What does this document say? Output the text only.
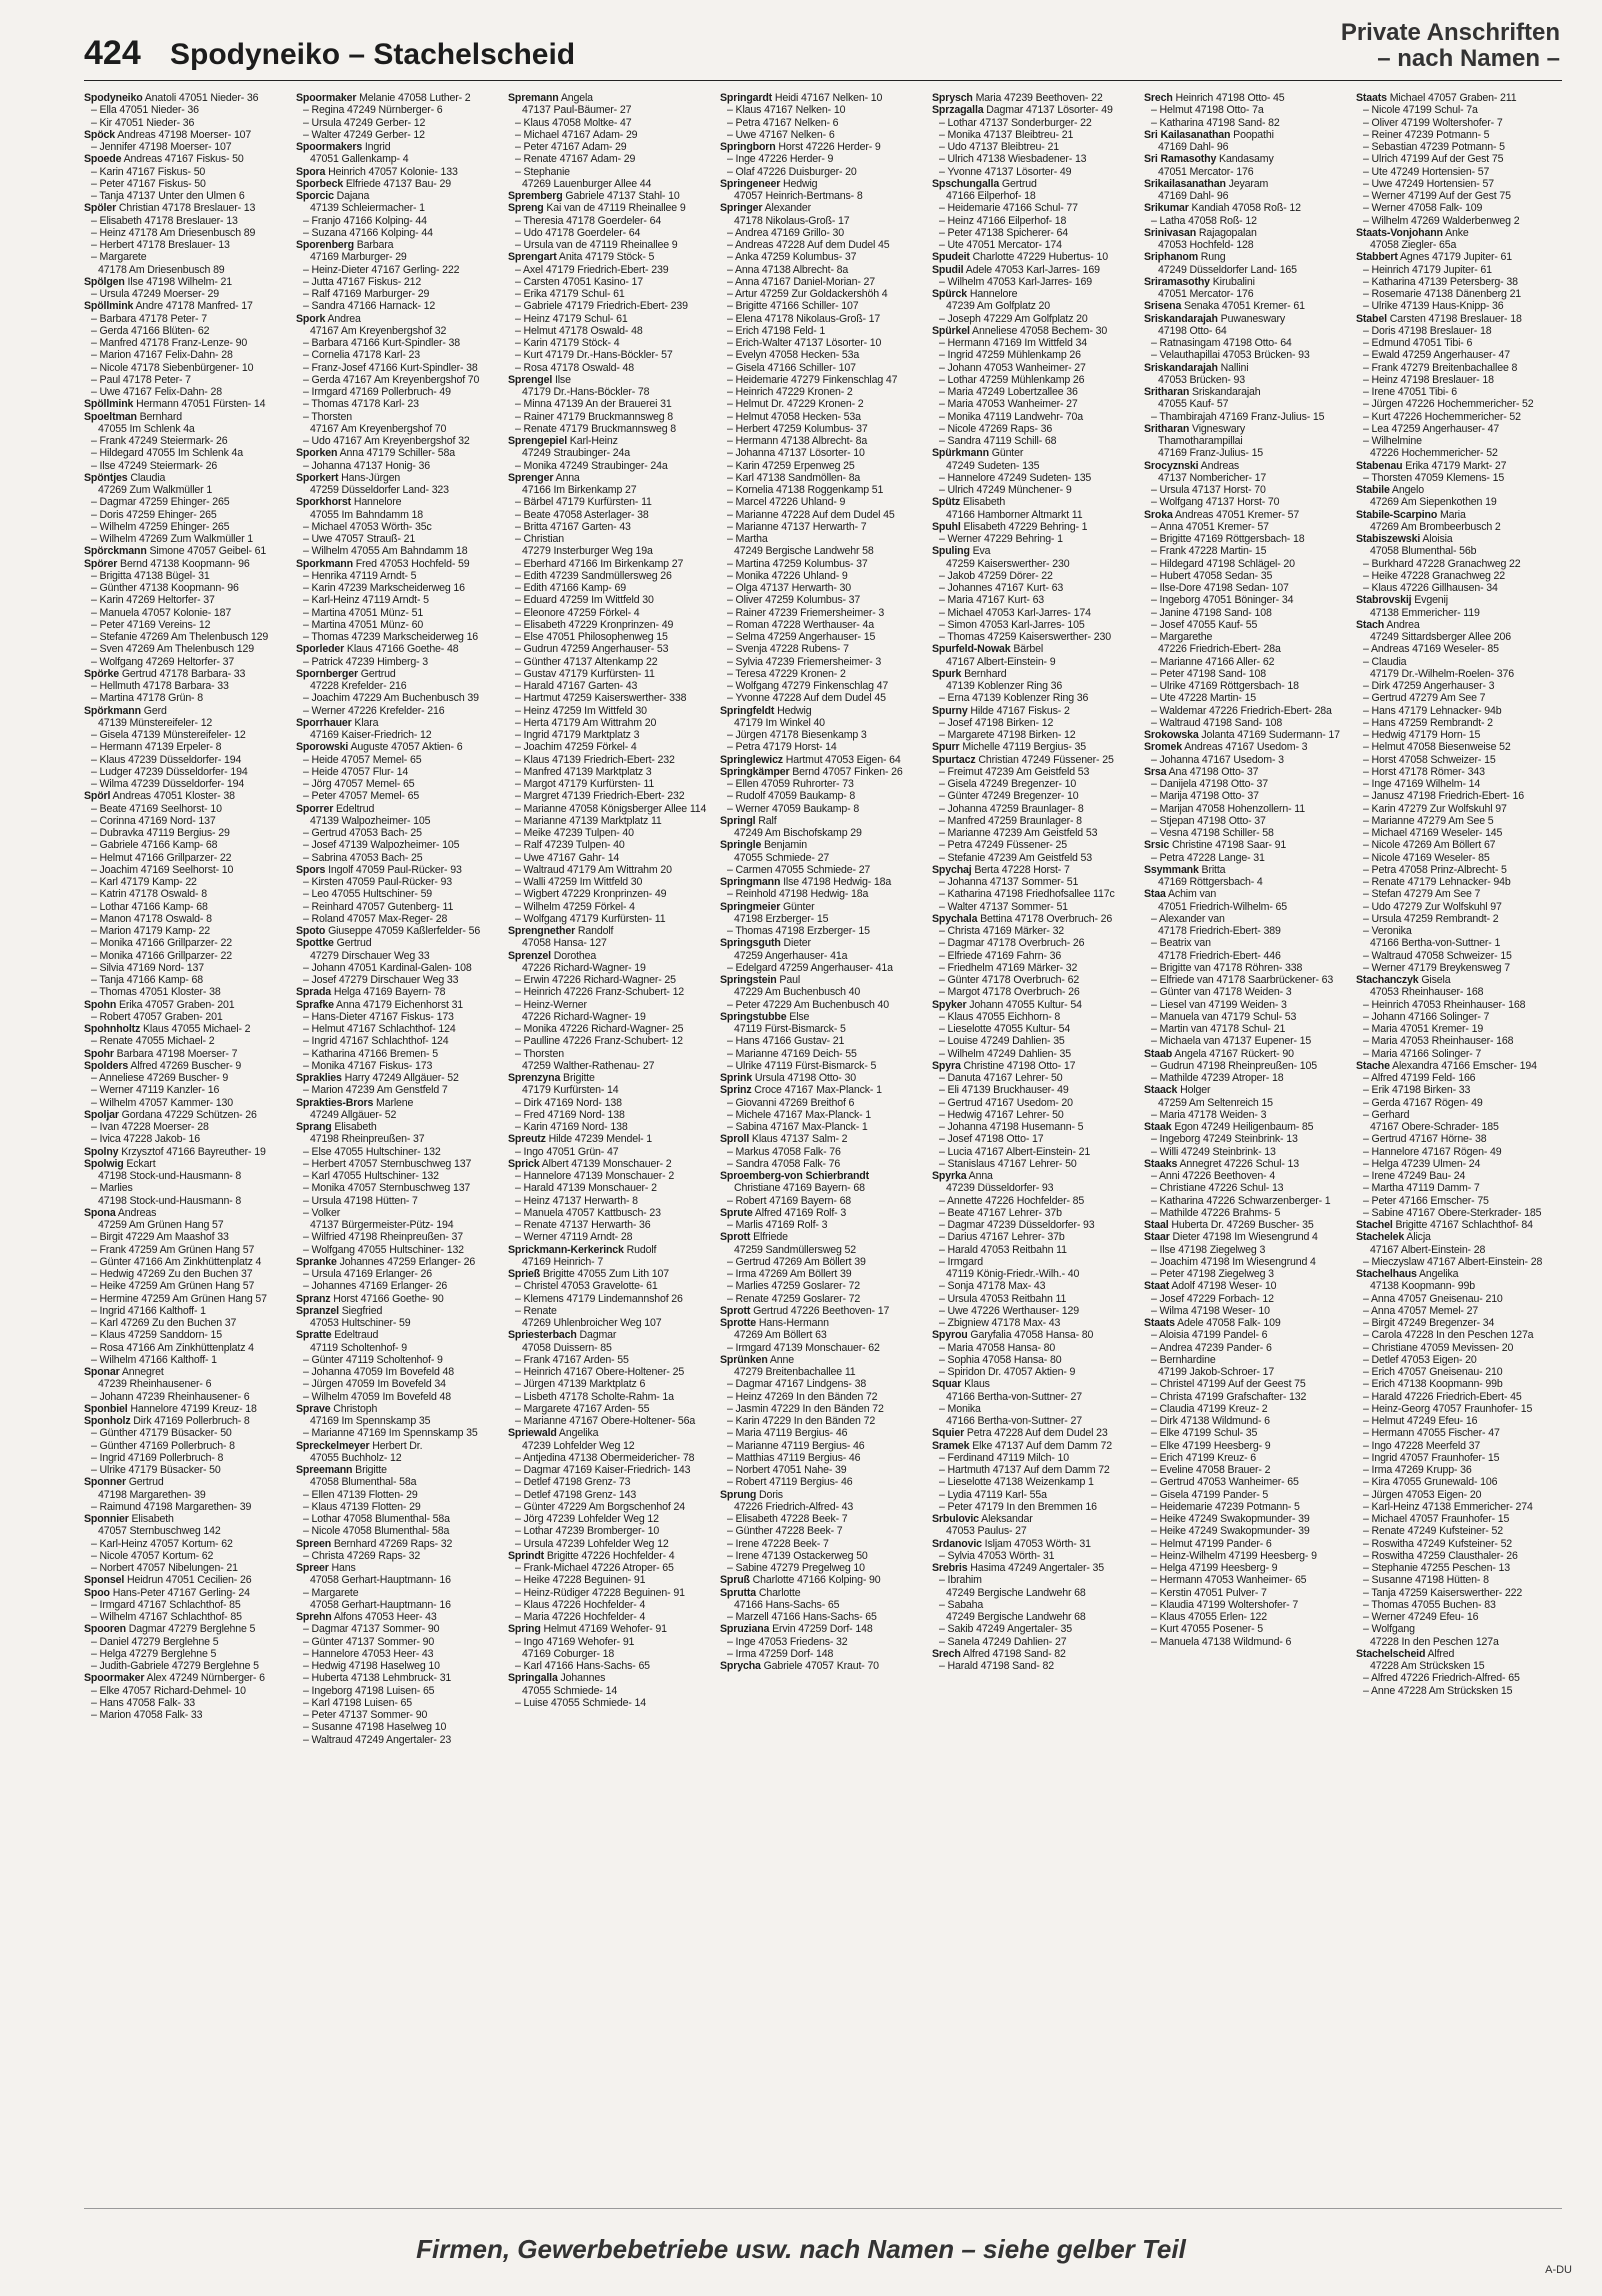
424 Spodyneiko – Stachelscheid
Private Anschriften
– nach Namen –
Spodyneiko Anatoli 47051 Nieder- 36
– Ella 47051 Nieder- 36
– Kir 47051 Nieder- 36
Spöck Andreas 47198 Moerser- 107
– Jennifer 47198 Moerser- 107
Spoede Andreas 47167 Fiskus- 50
– Karin 47167 Fiskus- 50
– Peter 47167 Fiskus- 50
– Tanja 47137 Unter den Ulmen 6
Spöler Christian 47178 Breslauer- 13
– Elisabeth 47178 Breslauer- 13
– Heinz 47178 Am Driesenbusch 89
– Herbert 47178 Breslauer- 13
– Margarete
47178 Am Driesenbusch 89
Spölgen Ilse 47198 Wilhelm- 21
– Ursula 47249 Moerser- 29
Spöllmink Andre 47178 Manfred- 17
– Barbara 47178 Peter- 7
– Gerda 47166 Blüten- 62
– Manfred 47178 Franz-Lenze- 90
– Marion 47167 Felix-Dahn- 28
– Nicole 47178 Siebenbürgener- 10
– Paul 47178 Peter- 7
– Uwe 47167 Felix-Dahn- 28
Spöllmink Hermann 47051 Fürsten- 14
Spoeltman Bernhard
47055 Im Schlenk 4a
– Frank 47249 Steiermark- 26
– Hildegard 47055 Im Schlenk 4a
– Ilse 47249 Steiermark- 26
Spöntjes Claudia
47269 Zum Walkmüller 1
– Dagmar 47259 Ehinger- 265
– Doris 47259 Ehinger- 265
– Wilhelm 47259 Ehinger- 265
– Wilhelm 47269 Zum Walkmüller 1
Spörckmann Simone 47057 Geibel- 61
Spörer Bernd 47138 Koopmann- 96
– Brigitta 47138 Bügel- 31
– Günther 47138 Koopmann- 96
– Karin 47269 Heltorfer- 37
– Manuela 47057 Kolonie- 187
– Peter 47169 Vereins- 12
– Stefanie 47269 Am Thelenbusch 129
– Sven 47269 Am Thelenbusch 129
– Wolfgang 47269 Heltorfer- 37
Spörke Gertrud 47178 Barbara- 33
– Hellmuth 47178 Barbara- 33
– Martina 47178 Grün- 8
Spörkmann Gerd
47139 Münstereifeler- 12
– Gisela 47139 Münstereifeler- 12
– Hermann 47139 Erpeler- 8
– Klaus 47239 Düsseldorfer- 194
– Ludger 47239 Düsseldorfer- 194
– Wilma 47239 Düsseldorfer- 194
Spörl Andreas 47051 Kloster- 38
– Beate 47169 Seelhorst- 10
– Corinna 47169 Nord- 137
– Dubravka 47119 Bergius- 29
– Gabriele 47166 Kamp- 68
– Helmut 47166 Grillparzer- 22
– Joachim 47169 Seelhorst- 10
– Karl 47179 Kamp- 22
– Katrin 47178 Oswald- 8
– Lothar 47166 Kamp- 68
– Manon 47178 Oswald- 8
– Marion 47179 Kamp- 22
– Monika 47166 Grillparzer- 22
– Monika 47166 Grillparzer- 22
– Silvia 47169 Nord- 137
– Tanja 47166 Kamp- 68
– Thomas 47051 Kloster- 38
Spohn Erika 47057 Graben- 201
– Robert 47057 Graben- 201
Spohnholtz Klaus 47055 Michael- 2
– Renate 47055 Michael- 2
Spohr Barbara 47198 Moerser- 7
Spolders Alfred 47269 Buscher- 9
– Anneliese 47269 Buscher- 9
– Werner 47119 Kanzler- 16
– Wilhelm 47057 Kammer- 130
Spoljar Gordana 47229 Schützen- 26
– Ivan 47228 Moerser- 28
– Ivica 47228 Jakob- 16
Spolny Krzysztof 47166 Bayreuther- 19
Spolwig Eckart
47198 Stock-und-Hausmann- 8
– Marlies
47198 Stock-und-Hausmann- 8
Spona Andreas
47259 Am Grünen Hang 57
– Birgit 47229 Am Maashof 33
– Frank 47259 Am Grünen Hang 57
– Günter 47166 Am Zinkhüttenplatz 4
– Hedwig 47269 Zu den Buchen 37
– Heike 47259 Am Grünen Hang 57
– Hermine 47259 Am Grünen Hang 57
– Ingrid 47166 Kalthoff- 1
– Karl 47269 Zu den Buchen 37
– Klaus 47259 Sanddorn- 15
– Rosa 47166 Am Zinkhüttenplatz 4
– Wilhelm 47166 Kalthoff- 1
Sponar Annegret
47239 Rheinhausener- 6
– Johann 47239 Rheinhausener- 6
Sponbiel Hannelore 47199 Kreuz- 18
Sponholz Dirk 47169 Pollerbruch- 8
– Günther 47179 Büsacker- 50
– Günther 47169 Pollerbruch- 8
– Ingrid 47169 Pollerbruch- 8
– Ulrike 47179 Büsacker- 50
Sponner Gertrud
47198 Margarethen- 39
– Raimund 47198 Margarethen- 39
Sponnier Elisabeth
47057 Sternbuschweg 142
– Karl-Heinz 47057 Kortum- 62
– Nicole 47057 Kortum- 62
– Norbert 47057 Nibelungen- 21
Sponsel Heidrun 47051 Cecilien- 26
Spoo Hans-Peter 47167 Gerling- 24
– Irmgard 47167 Schlachthof- 85
– Wilhelm 47167 Schlachthof- 85
Spooren Dagmar 47279 Berglehne 5
– Daniel 47279 Berglehne 5
– Helga 47279 Berglehne 5
– Judith-Gabriele 47279 Berglehne 5
Spoormaker Alex 47249 Nürnberger- 6
– Elke 47057 Richard-Dehmel- 10
– Hans 47058 Falk- 33
– Marion 47058 Falk- 33
Spoormaker Melanie 47058 Luther- 2
– Regina 47249 Nürnberger- 6
– Ursula 47249 Gerber- 12
– Walter 47249 Gerber- 12
Spoormakers Ingrid
47051 Gallenkamp- 4
Spora Heinrich 47057 Kolonie- 133
Sporbeck Elfriede 47137 Bau- 29
Sporcic Dajana
47139 Schleiermacher- 1
– Franjo 47166 Kolping- 44
– Suzana 47166 Kolping- 44
Sporenberg Barbara
47169 Marburger- 29
– Heinz-Dieter 47167 Gerling- 222
– Jutta 47167 Fiskus- 212
– Ralf 47169 Marburger- 29
– Sandra 47166 Harnack- 12
Spork Andrea
47167 Am Kreyenbergshof 32
– Barbara 47166 Kurt-Spindler- 38
– Cornelia 47178 Karl- 23
– Franz-Josef 47166 Kurt-Spindler- 38
– Gerda 47167 Am Kreyenbergshof 70
– Irmgard 47169 Pollerbruch- 49
– Thomas 47178 Karl- 23
– Thorsten
47167 Am Kreyenbergshof 70
– Udo 47167 Am Kreyenbergshof 32
Sporken Anna 47179 Schiller- 58a
– Johanna 47137 Honig- 36
Sporkert Hans-Jürgen
47259 Düsseldorfer Land- 323
Sporkhorst Hannelore
47055 Im Bahndamm 18
– Michael 47053 Wörth- 35c
– Uwe 47057 Strauß- 21
– Wilhelm 47055 Am Bahndamm 18
Sporkmann Fred 47053 Hochfeld- 59
– Henrika 47119 Arndt- 5
– Karin 47239 Markscheiderweg 16
– Karl-Heinz 47119 Arndt- 5
– Martina 47051 Münz- 51
– Martina 47051 Münz- 60
– Thomas 47239 Markscheiderweg 16
Sporleder Klaus 47166 Goethe- 48
– Patrick 47239 Himberg- 3
Spornberger Gertrud
47228 Krefelder- 216
– Joachim 47229 Am Buchenbusch 39
– Werner 47226 Krefelder- 216
Sporrhauer Klara
47169 Kaiser-Friedrich- 12
Sporowski Auguste 47057 Aktien- 6
– Heide 47057 Memel- 65
– Heide 47057 Flur- 14
– Jörg 47057 Memel- 65
– Peter 47057 Memel- 65
Sporrer Edeltrud
47139 Walpozheimer- 105
– Gertrud 47053 Bach- 25
– Josef 47139 Walpozheimer- 105
– Sabrina 47053 Bach- 25
Spors Ingolf 47059 Paul-Rücker- 93
– Kirsten 47059 Paul-Rücker- 93
– Leo 47055 Hultschiner- 59
– Reinhard 47057 Gutenberg- 11
– Roland 47057 Max-Reger- 28
Spoto Giuseppe 47059 Kaßlerfelder- 56
Spottke Gertrud
47279 Dirschauer Weg 33
– Johann 47051 Kardinal-Galen- 108
– Josef 47279 Dirschauer Weg 33
Sprada Helga 47169 Bayern- 78
Sprafke Anna 47179 Eichenhorst 31
– Hans-Dieter 47167 Fiskus- 173
– Helmut 47167 Schlachthof- 124
– Ingrid 47167 Schlachthof- 124
– Katharina 47166 Bremen- 5
– Monika 47167 Fiskus- 173
Spraklies Harry 47249 Allgäuer- 52
– Marion 47239 Am Genstfeld 7
Sprakties-Brors Marlene
47249 Allgäuer- 52
Sprang Elisabeth
47198 Rheinpreußen- 37
– Else 47055 Hultschiner- 132
– Herbert 47057 Sternbuschweg 137
– Karl 47055 Hultschiner- 132
– Monika 47057 Sternbuschweg 137
– Ursula 47198 Hütten- 7
– Volker
47137 Bürgermeister-Pütz- 194
– Wilfried 47198 Rheinpreußen- 37
– Wolfgang 47055 Hultschiner- 132
Spranke Johannes 47259 Erlanger- 26
– Ursula 47169 Erlanger- 26
– Johannes 47169 Erlanger- 26
Spranz Horst 47166 Goethe- 90
Spranzel Siegfried
47053 Hultschiner- 59
Spratte Edeltraud
47119 Scholtenhof- 9
– Günter 47119 Scholtenhof- 9
– Johanna 47059 Im Bovefeld 48
– Jürgen 47059 Im Bovefeld 34
– Wilhelm 47059 Im Bovefeld 48
Sprave Christoph
47169 Im Spennskamp 35
– Marianne 47169 Im Spennskamp 35
Spreckelmeyer Herbert Dr.
47055 Buchholz- 12
Spreemann Brigitte
47058 Blumenthal- 58a
– Ellen 47139 Flotten- 29
– Klaus 47139 Flotten- 29
– Lothar 47058 Blumenthal- 58a
– Nicole 47058 Blumenthal- 58a
Spreen Bernhard 47269 Raps- 32
– Christa 47269 Raps- 32
Spreer Hans
47058 Gerhart-Hauptmann- 16
– Margarete
47058 Gerhart-Hauptmann- 16
Sprehn Alfons 47053 Heer- 43
– Dagmar 47137 Sommer- 90
– Günter 47137 Sommer- 90
– Hannelore 47053 Heer- 43
– Hedwig 47198 Haselweg 10
– Huberta 47138 Lehmbruck- 31
– Ingeborg 47198 Luisen- 65
– Karl 47198 Luisen- 65
– Peter 47137 Sommer- 90
– Susanne 47198 Haselweg 10
– Waltraud 47249 Angertaler- 23
Spremann Angela
47137 Paul-Bäumer- 27
– Klaus 47058 Moltke- 47
– Michael 47167 Adam- 29
– Peter 47167 Adam- 29
– Renate 47167 Adam- 29
– Stephanie
47269 Lauenburger Allee 44
Spremberg Gabriele 47137 Stahl- 10
Spreng Kai van de 47119 Rheinallee 9
– Theresia 47178 Goerdeler- 64
– Udo 47178 Goerdeler- 64
– Ursula van de 47119 Rheinallee 9
Sprengart Anita 47179 Stöck- 5
– Axel 47179 Friedrich-Ebert- 239
– Carsten 47051 Kasino- 17
– Erika 47179 Schul- 61
– Gabriele 47179 Friedrich-Ebert- 239
– Heinz 47179 Schul- 61
– Helmut 47178 Oswald- 48
– Karin 47179 Stöck- 4
– Kurt 47179 Dr.-Hans-Böckler- 57
– Rosa 47178 Oswald- 48
Sprengel Ilse
47179 Dr.-Hans-Böckler- 78
– Minna 47139 An der Brauerei 31
– Rainer 47179 Bruckmannsweg 8
– Renate 47179 Bruckmannsweg 8
Sprengepiel Karl-Heinz
47249 Straubinger- 24a
– Monika 47249 Straubinger- 24a
Sprenger Anna
47166 Im Birkenkamp 27
– Bärbel 47179 Kurfürsten- 11
– Beate 47058 Asterlager- 38
– Britta 47167 Garten- 43
– Christian
47279 Insterburger Weg 19a
– Eberhard 47166 Im Birkenkamp 27
– Edith 47239 Sandmüllersweg 26
– Edith 47166 Kamp- 69
– Eduard 47259 Im Wittfeld 30
– Eleonore 47259 Förkel- 4
– Elisabeth 47229 Kronprinzen- 49
– Else 47051 Philosophenweg 15
– Gudrun 47259 Angerhauser- 53
– Günther 47137 Altenkamp 22
– Gustav 47179 Kurfürsten- 11
– Harald 47167 Garten- 43
– Hartmut 47259 Kaiserswerther- 338
– Heinz 47259 Im Wittfeld 30
– Herta 47179 Am Wittrahm 20
– Ingrid 47179 Marktplatz 3
– Joachim 47259 Förkel- 4
– Klaus 47139 Friedrich-Ebert- 232
– Manfred 47139 Marktplatz 3
– Margot 47179 Kurfürsten- 11
– Margret 47139 Friedrich-Ebert- 232
– Marianne 47058 Königsberger Allee 114
– Marianne 47139 Marktplatz 11
– Meike 47239 Tulpen- 40
– Ralf 47239 Tulpen- 40
– Uwe 47167 Gahr- 14
– Waltraud 47179 Am Wittrahm 20
– Walli 47259 Im Wittfeld 30
– Wigbert 47229 Kronprinzen- 49
– Wilhelm 47259 Förkel- 4
– Wolfgang 47179 Kurfürsten- 11
Sprengnether Randolf
47058 Hansa- 127
Sprenzel Dorothea
47226 Richard-Wagner- 19
– Erwin 47226 Richard-Wagner- 25
– Heinrich 47226 Franz-Schubert- 12
– Heinz-Werner
47226 Richard-Wagner- 19
– Monika 47226 Richard-Wagner- 25
– Paulline 47226 Franz-Schubert- 12
– Thorsten
47259 Walther-Rathenau- 27
Sprenzyna Brigitte
47179 Kurfürsten- 14
– Dirk 47169 Nord- 138
– Fred 47169 Nord- 138
– Karin 47169 Nord- 138
Spreutz Hilde 47239 Mendel- 1
– Ingo 47051 Grün- 47
Sprick Albert 47139 Monschauer- 2
– Hannelore 47139 Monschauer- 2
– Harald 47139 Monschauer- 2
– Heinz 47137 Herwarth- 8
– Manuela 47057 Kattbusch- 23
– Renate 47137 Herwarth- 36
– Werner 47119 Arndt- 28
Sprickmann-Kerkerinck Rudolf
47169 Heinrich- 7
Sprieß Brigitte 47055 Zum Lith 107
– Christel 47053 Gravelotte- 61
– Klemens 47179 Lindemannshof 26
– Renate
47269 Uhlenbroicher Weg 107
Spriesterbach Dagmar
47058 Duissern- 85
– Frank 47167 Arden- 55
– Heinrich 47167 Obere-Holtener- 25
– Jürgen 47139 Marktplatz 6
– Lisbeth 47178 Scholte-Rahm- 1a
– Margarete 47167 Arden- 55
– Marianne 47167 Obere-Holtener- 56a
Spriewald Angelika
47239 Lohfelder Weg 12
– Antjedina 47138 Obermeidericher- 78
– Dagmar 47169 Kaiser-Friedrich- 143
– Detlef 47198 Grenz- 73
– Detlef 47198 Grenz- 143
– Günter 47229 Am Borgschenhof 24
– Jörg 47239 Lohfelder Weg 12
– Lothar 47239 Bromberger- 10
– Ursula 47239 Lohfelder Weg 12
Sprindt Brigitte 47226 Hochfelder- 4
– Frank-Michael 47226 Atroper- 65
– Heike 47228 Beguinen- 91
– Heinz-Rüdiger 47228 Beguinen- 91
– Klaus 47226 Hochfelder- 4
– Maria 47226 Hochfelder- 4
Spring Helmut 47169 Wehofer- 91
– Ingo 47169 Wehofer- 91
47169 Coburger- 18
– Karl 47166 Hans-Sachs- 65
Springalla Johannes
47055 Schmiede- 14
– Luise 47055 Schmiede- 14
Springardt Heidi 47167 Nelken- 10
– Klaus 47167 Nelken- 10
– Petra 47167 Nelken- 6
– Uwe 47167 Nelken- 6
Springborn Horst 47226 Herder- 9
– Inge 47226 Herder- 9
– Olaf 47226 Duisburger- 20
Springeneer Hedwig
47057 Heinrich-Bertmans- 8
Springer Alexander
47178 Nikolaus-Groß- 17
– Andrea 47169 Grillo- 30
– Andreas 47228 Auf dem Dudel 45
– Anka 47259 Kolumbus- 37
– Anna 47138 Albrecht- 8a
– Anna 47167 Daniel-Morian- 27
– Artur 47259 Zur Goldackershöh 4
– Brigitte 47166 Schiller- 107
– Elena 47178 Nikolaus-Groß- 17
– Erich 47198 Feld- 1
– Erich-Walter 47137 Lösorter- 10
– Evelyn 47058 Hecken- 53a
– Gisela 47166 Schiller- 107
– Heidemarie 47279 Finkenschlag 47
– Heinrich 47229 Kronen- 2
– Helmut Dr. 47229 Kronen- 2
– Helmut 47058 Hecken- 53a
– Herbert 47259 Kolumbus- 37
– Hermann 47138 Albrecht- 8a
– Johanna 47137 Lösorter- 10
– Karin 47259 Erpenweg 25
– Karl 47138 Sandmöllen- 8a
– Kornelia 47138 Roggenkamp 51
– Marcel 47226 Uhland- 9
– Marianne 47228 Auf dem Dudel 45
– Marianne 47137 Herwarth- 7
– Martha
47249 Bergische Landwehr 58
– Martina 47259 Kolumbus- 37
– Monika 47226 Uhland- 9
– Olga 47137 Herwarth- 30
– Oliver 47259 Kolumbus- 37
– Rainer 47239 Friemersheimer- 3
– Roman 47228 Werthauser- 4a
– Selma 47259 Angerhauser- 15
– Svenja 47228 Rubens- 7
– Sylvia 47239 Friemersheimer- 3
– Teresa 47229 Kronen- 2
– Wolfgang 47279 Finkenschlag 47
– Yvonne 47228 Auf dem Dudel 45
Springfeldt Hedwig
47179 Im Winkel 40
– Jürgen 47178 Biesenkamp 3
– Petra 47179 Horst- 14
Springlewicz Hartmut 47053 Eigen- 64
Springkämper Bernd 47057 Finken- 26
– Ellen 47059 Ruhrorter- 73
– Rudolf 47059 Baukamp- 8
– Werner 47059 Baukamp- 8
Springl Ralf
47249 Am Bischofskamp 29
Springle Benjamin
47055 Schmiede- 27
– Carmen 47055 Schmiede- 27
Springmann Ilse 47198 Hedwig- 18a
– Reinhold 47198 Hedwig- 18a
Springmeier Günter
47198 Erzberger- 15
– Thomas 47198 Erzberger- 15
Springsguth Dieter
47259 Angerhauser- 41a
– Edelgard 47259 Angerhauser- 41a
Springstein Paul
47229 Am Buchenbusch 40
– Peter 47229 Am Buchenbusch 40
Springstubbe Else
47119 Fürst-Bismarck- 5
– Hans 47166 Gustav- 21
– Marianne 47169 Deich- 55
– Ulrike 47119 Fürst-Bismarck- 5
Sprink Ursula 47198 Otto- 30
Sprinz Croce 47167 Max-Planck- 1
– Giovanni 47269 Breithof 6
– Michele 47167 Max-Planck- 1
– Sabina 47167 Max-Planck- 1
Sproll Klaus 47137 Salm- 2
– Markus 47058 Falk- 76
– Sandra 47058 Falk- 76
Sproemberg-von Schierbrandt
Christiane 47169 Bayern- 68
– Robert 47169 Bayern- 68
Sprute Alfred 47169 Rolf- 3
– Marlis 47169 Rolf- 3
Sprott Elfriede
47259 Sandmüllersweg 52
– Gertrud 47269 Am Böllert 39
– Irma 47269 Am Böllert 39
– Marlies 47259 Goslarer- 72
– Renate 47259 Goslarer- 72
Sprott Gertrud 47226 Beethoven- 17
Sprotte Hans-Hermann
47269 Am Böllert 63
– Irmgard 47139 Monschauer- 62
Sprünken Anne
47279 Breitenbachallee 11
– Dagmar 47167 Lindgens- 38
– Heinz 47269 In den Bänden 72
– Jasmin 47229 In den Bänden 72
– Karin 47229 In den Bänden 72
– Maria 47119 Bergius- 46
– Marianne 47119 Bergius- 46
– Matthias 47119 Bergius- 46
– Norbert 47051 Nahe- 39
– Robert 47119 Bergius- 46
Sprung Doris
47226 Friedrich-Alfred- 43
– Elisabeth 47228 Beek- 7
– Günther 47228 Beek- 7
– Irene 47228 Beek- 7
– Irene 47139 Ostackerweg 50
– Sabine 47279 Pregelweg 10
Spruß Charlotte 47166 Kolping- 90
Sprutta Charlotte
47166 Hans-Sachs- 65
– Marzell 47166 Hans-Sachs- 65
Spruziana Ervin 47259 Dorf- 148
– Inge 47053 Friedens- 32
– Irma 47259 Dorf- 148
Sprycha Gabriele 47057 Kraut- 70
Sprysch Maria 47239 Beethoven- 22
Sprzagalla Dagmar 47137 Lösorter- 49
– Lothar 47137 Sonderburger- 22
– Monika 47137 Bleibtreu- 21
– Udo 47137 Bleibtreu- 21
– Ulrich 47138 Wiesbadener- 13
– Yvonne 47137 Lösorter- 49
Spschungalla Gertrud
47166 Eilperhof- 18
– Heidemarie 47166 Schul- 77
– Heinz 47166 Eilperhof- 18
– Peter 47138 Spicherer- 64
– Ute 47051 Mercator- 174
Spudeit Charlotte 47229 Hubertus- 10
Spudil Adele 47053 Karl-Jarres- 169
– Wilhelm 47053 Karl-Jarres- 169
Spürck Hannelore
47239 Am Golfplatz 20
– Joseph 47229 Am Golfplatz 20
Spürkel Anneliese 47058 Bechem- 30
– Hermann 47169 Im Wittfeld 34
– Ingrid 47259 Mühlenkamp 26
– Johann 47053 Wanheimer- 27
– Lothar 47259 Mühlenkamp 26
– Maria 47249 Lobertzallee 36
– Maria 47053 Wanheimer- 27
– Monika 47119 Landwehr- 70a
– Nicole 47269 Raps- 36
– Sandra 47119 Schill- 68
Spürkmann Günter
47249 Sudeten- 135
– Hannelore 47249 Sudeten- 135
– Ulrich 47249 Münchener- 9
Spütz Elisabeth
47166 Hamborner Altmarkt 11
Spuhl Elisabeth 47229 Behring- 1
– Werner 47229 Behring- 1
Spuling Eva
47259 Kaiserswerther- 230
– Jakob 47259 Dörer- 22
– Johannes 47167 Kurt- 63
– Maria 47167 Kurt- 63
– Michael 47053 Karl-Jarres- 174
– Simon 47053 Karl-Jarres- 105
– Thomas 47259 Kaiserswerther- 230
Spurfeld-Nowak Bärbel
47167 Albert-Einstein- 9
Spurk Bernhard
47139 Koblenzer Ring 36
– Erna 47139 Koblenzer Ring 36
Spurny Hilde 47167 Fiskus- 2
– Josef 47198 Birken- 12
– Margarete 47198 Birken- 12
Spurr Michelle 47119 Bergius- 35
Spurtacz Christian 47249 Füssener- 25
– Freimut 47239 Am Geistfeld 53
– Gisela 47249 Bregenzer- 10
– Günter 47249 Bregenzer- 10
– Johanna 47259 Braunlager- 8
– Manfred 47259 Braunlager- 8
– Marianne 47239 Am Geistfeld 53
– Petra 47249 Füssener- 25
– Stefanie 47239 Am Geistfeld 53
Spychaj Berta 47228 Horst- 7
– Johanna 47137 Sommer- 51
– Katharina 47198 Friedhofsallee 117c
– Walter 47137 Sommer- 51
Spychala Bettina 47178 Overbruch- 26
– Christa 47169 Märker- 32
– Dagmar 47178 Overbruch- 26
– Elfriede 47169 Fahrn- 36
– Friedhelm 47169 Märker- 32
– Günter 47178 Overbruch- 62
– Margot 47178 Overbruch- 26
Spyker Johann 47055 Kultur- 54
– Klaus 47055 Eichhorn- 8
– Lieselotte 47055 Kultur- 54
– Louise 47249 Dahlien- 35
– Wilhelm 47249 Dahlien- 35
Spyra Christine 47198 Otto- 17
– Danuta 47167 Lehrer- 50
– Eli 47139 Bruckhauser- 49
– Gertrud 47167 Usedom- 20
– Hedwig 47167 Lehrer- 50
– Johanna 47198 Husemann- 5
– Josef 47198 Otto- 17
– Lucia 47167 Albert-Einstein- 21
– Stanislaus 47167 Lehrer- 50
Spyrka Anna
47239 Düsseldorfer- 93
– Annette 47226 Hochfelder- 85
– Beate 47167 Lehrer- 37b
– Dagmar 47239 Düsseldorfer- 93
– Darius 47167 Lehrer- 37b
– Harald 47053 Reitbahn 11
– Irmgard
47119 König-Friedr.-Wilh.- 40
– Sonja 47178 Max- 43
– Ursula 47053 Reitbahn 11
– Uwe 47226 Werthauser- 129
– Zbigniew 47178 Max- 43
Spyrou Garyfalia 47058 Hansa- 80
– Maria 47058 Hansa- 80
– Sophia 47058 Hansa- 80
– Spiridon Dr. 47057 Aktien- 9
Squar Klaus
47166 Bertha-von-Suttner- 27
– Monika
47166 Bertha-von-Suttner- 27
Squier Petra 47228 Auf dem Dudel 23
Sramek Elke 47137 Auf dem Damm 72
– Ferdinand 47119 Milch- 10
– Hartmuth 47137 Auf dem Damm 72
– Lieselotte 47138 Weizenkamp 1
– Lydia 47119 Karl- 55a
– Peter 47179 In den Bremmen 16
Srbulovic Aleksandar
47053 Paulus- 27
Srdanovic Isljam 47053 Wörth- 31
– Sylvia 47053 Wörth- 31
Srebris Hasima 47249 Angertaler- 35
– Ibrahim
47249 Bergische Landwehr 68
– Sabaha
47249 Bergische Landwehr 68
– Sakib 47249 Angertaler- 35
– Sanela 47249 Dahlien- 27
Srech Alfred 47198 Sand- 82
– Harald 47198 Sand- 82
Srech Heinrich 47198 Otto- 45
– Helmut 47198 Otto- 7a
– Katharina 47198 Sand- 82
Sri Kailasanathan Poopathi
47169 Dahl- 96
Sri Ramasothy Kandasamy
47051 Mercator- 176
Srikailasanathan Jeyaram
47169 Dahl- 96
Srikumar Kandiah 47058 Roß- 12
– Latha 47058 Roß- 12
Srinivasan Rajagopalan
47053 Hochfeld- 128
Sriphanom Rung
47249 Düsseldorfer Land- 165
Sriramasothy Kirubalini
47051 Mercator- 176
Srisena Senaka 47051 Kremer- 61
Sriskandarajah Puwaneswary
47198 Otto- 64
– Ratnasingam 47198 Otto- 64
– Velauthapillai 47053 Brücken- 93
Sriskandarajah Nallini
47053 Brücken- 93
Sritharan Sriskandarajah
47055 Kauf- 57
– Thambirajah 47169 Franz-Julius- 15
Sritharan Vigneswary
Thamotharampillai
47169 Franz-Julius- 15
Srocyznski Andreas
47137 Nombericher- 17
– Ursula 47137 Horst- 70
– Wolfgang 47137 Horst- 70
Sroka Andreas 47051 Kremer- 57
– Anna 47051 Kremer- 57
– Brigitte 47169 Röttgersbach- 18
– Frank 47228 Martin- 15
– Hildegard 47198 Schlägel- 20
– Hubert 47058 Sedan- 35
– Ilse-Dore 47198 Sedan- 107
– Ingeborg 47051 Böninger- 34
– Janine 47198 Sand- 108
– Josef 47055 Kauf- 55
– Margarethe
47226 Friedrich-Ebert- 28a
– Marianne 47166 Aller- 62
– Peter 47198 Sand- 108
– Ulrike 47169 Röttgersbach- 18
– Ute 47228 Martin- 15
– Waldemar 47226 Friedrich-Ebert- 28a
– Waltraud 47198 Sand- 108
Srokowska Jolanta 47169 Sudermann- 17
Sromek Andreas 47167 Usedom- 3
– Johanna 47167 Usedom- 3
Srsa Ana 47198 Otto- 37
– Danijela 47198 Otto- 37
– Marija 47198 Otto- 37
– Marijan 47058 Hohenzollern- 11
– Stjepan 47198 Otto- 37
– Vesna 47198 Schiller- 58
Srsic Christine 47198 Saar- 91
– Petra 47228 Lange- 31
Ssymmank Britta
47169 Röttgersbach- 4
Staa Achim van
47051 Friedrich-Wilhelm- 65
– Alexander van
47178 Friedrich-Ebert- 389
– Beatrix van
47178 Friedrich-Ebert- 446
– Brigitte van 47178 Röhren- 338
– Elfriede van 47178 Saarbrückener- 63
– Günter van 47178 Weiden- 3
– Liesel van 47199 Weiden- 3
– Manuela van 47179 Schul- 53
– Martin van 47178 Schul- 21
– Michaela van 47137 Eupener- 15
Staab Angela 47167 Rückert- 90
– Gudrun 47198 Rheinpreußen- 105
– Mathilde 47239 Atroper- 18
Staack Holger
47259 Am Seltenreich 15
– Maria 47178 Weiden- 3
Staak Egon 47249 Heiligenbaum- 85
– Ingeborg 47249 Steinbrink- 13
– Willi 47249 Steinbrink- 13
Staaks Annegret 47226 Schul- 13
– Anni 47226 Beethoven- 4
– Christiane 47226 Schul- 13
– Katharina 47226 Schwarzenberger- 1
– Mathilde 47226 Brahms- 5
Staal Huberta Dr. 47269 Buscher- 35
Staar Dieter 47198 Im Wiesengrund 4
– Ilse 47198 Ziegelweg 3
– Joachim 47198 Im Wiesengrund 4
– Peter 47198 Ziegelweg 3
Staat Adolf 47198 Weser- 10
– Josef 47229 Forbach- 12
– Wilma 47198 Weser- 10
Staats Adele 47058 Falk- 109
– Aloisia 47199 Pandel- 6
– Andrea 47239 Pander- 6
– Bernhardine
47199 Jakob-Schroer- 17
– Christel 47199 Auf der Geest 75
– Christa 47199 Grafschafter- 132
– Claudia 47199 Kreuz- 2
– Dirk 47138 Wildmund- 6
– Elke 47199 Schul- 35
– Elke 47199 Heesberg- 9
– Erich 47199 Kreuz- 6
– Eveline 47058 Brauer- 2
– Gertrud 47053 Wanheimer- 65
– Gisela 47199 Pander- 5
– Heidemarie 47239 Potmann- 5
– Heike 47249 Swakopmunder- 39
– Heike 47249 Swakopmunder- 39
– Helmut 47199 Pander- 6
– Heinz-Wilhelm 47199 Heesberg- 9
– Helga 47199 Heesberg- 9
– Hermann 47053 Wanheimer- 65
– Kerstin 47051 Pulver- 7
– Klaudia 47199 Woltershofer- 7
– Klaus 47055 Erlen- 122
– Kurt 47055 Posener- 5
– Manuela 47138 Wildmund- 6
Staats Michael 47057 Graben- 211
– Nicole 47199 Schul- 7a
– Oliver 47199 Woltershofer- 7
– Reiner 47239 Potmann- 5
– Sebastian 47239 Potmann- 5
– Ulrich 47199 Auf der Gest 75
– Ute 47249 Hortensien- 57
– Uwe 47249 Hortensien- 57
– Werner 47199 Auf der Gest 75
– Werner 47058 Falk- 109
– Wilhelm 47269 Walderbenweg 2
Staats-Vonjohann Anke
47058 Ziegler- 65a
Stabbert Agnes 47179 Jupiter- 61
– Heinrich 47179 Jupiter- 61
– Katharina 47139 Petersberg- 38
– Rosemarie 47138 Dänenberg 21
– Ulrike 47139 Haus-Knipp- 36
Stabel Carsten 47198 Breslauer- 18
– Doris 47198 Breslauer- 18
– Edmund 47051 Tibi- 6
– Ewald 47259 Angerhauser- 47
– Frank 47279 Breitenbachallee 8
– Heinz 47198 Breslauer- 18
– Irene 47051 Tibi- 6
– Jürgen 47226 Hochemmericher- 52
– Kurt 47226 Hochemmericher- 52
– Lea 47259 Angerhauser- 47
– Wilhelmine
47226 Hochemmericher- 52
Stabenau Erika 47179 Markt- 27
– Thorsten 47059 Klemens- 15
Stabile Angelo
47269 Am Siepenkothen 19
Stabile-Scarpino Maria
47269 Am Brombeerbusch 2
Stabiszewski Aloisia
47058 Blumenthal- 56b
– Burkhard 47228 Granachweg 22
– Heike 47228 Granachweg 22
– Klaus 47226 Gillhausen- 34
Stabrovskij Evgenij
47138 Emmericher- 119
Stach Andrea
47249 Sittardsberger Allee 206
– Andreas 47169 Weseler- 85
– Claudia
47179 Dr.-Wilhelm-Roelen- 376
– Dirk 47259 Angerhauser- 3
– Gertrud 47279 Am See 7
– Hans 47179 Lehnacker- 94b
– Hans 47259 Rembrandt- 2
– Hedwig 47179 Horn- 15
– Helmut 47058 Biesenweise 52
– Horst 47058 Schweizer- 15
– Horst 47178 Römer- 343
– Inge 47169 Wilhelm- 14
– Janusz 47198 Friedrich-Ebert- 16
– Karin 47279 Zur Wolfskuhl 97
– Marianne 47279 Am See 5
– Michael 47169 Weseler- 145
– Nicole 47269 Am Böllert 67
– Nicole 47169 Weseler- 85
– Petra 47058 Prinz-Albrecht- 5
– Renate 47179 Lehnacker- 94b
– Stefan 47279 Am See 7
– Udo 47279 Zur Wolfskuhl 97
– Ursula 47259 Rembrandt- 2
– Veronika
47166 Bertha-von-Suttner- 1
– Waltraud 47058 Schweizer- 15
– Werner 47179 Breykensweg 7
Stachanczyk Gisela
47053 Rheinhauser- 168
– Heinrich 47053 Rheinhauser- 168
– Johann 47166 Solinger- 7
– Maria 47051 Kremer- 19
– Maria 47053 Rheinhauser- 168
– Maria 47166 Solinger- 7
Stache Alexandra 47166 Emscher- 194
– Alfred 47199 Feld- 166
– Erik 47198 Birken- 33
– Gerda 47167 Rögen- 49
– Gerhard
47167 Obere-Schrader- 185
– Gertrud 47167 Hörne- 38
– Hannelore 47167 Rögen- 49
– Helga 47239 Ulmen- 24
– Irene 47249 Bau- 24
– Martha 47119 Damm- 7
– Peter 47166 Emscher- 75
– Sabine 47167 Obere-Sterkrader- 185
Stachel Brigitte 47167 Schlachthof- 84
Stachelek Alicja
47167 Albert-Einstein- 28
– Mieczyslaw 47167 Albert-Einstein- 28
Stachelhaus Angelika
47138 Koopmann- 99b
– Anna 47057 Gneisenau- 210
– Anna 47057 Memel- 27
– Birgit 47249 Bregenzer- 34
– Carola 47228 In den Peschen 127a
– Christiane 47059 Mevissen- 20
– Detlef 47053 Eigen- 20
– Erich 47057 Gneisenau- 210
– Erich 47138 Koopmann- 99b
– Harald 47226 Friedrich-Ebert- 45
– Heinz-Georg 47057 Fraunhofer- 15
– Helmut 47249 Efeu- 16
– Hermann 47055 Fischer- 47
– Ingo 47228 Meerfeld 37
– Ingrid 47057 Fraunhofer- 15
– Irma 47269 Krupp- 36
– Kira 47055 Grunewald- 106
– Jürgen 47053 Eigen- 20
– Karl-Heinz 47138 Emmericher- 274
– Michael 47057 Fraunhofer- 15
– Renate 47249 Kufsteiner- 52
– Roswitha 47249 Kufsteiner- 52
– Roswitha 47259 Clausthaler- 26
– Stephanie 47255 Peschen- 13
– Susanne 47198 Hütten- 8
– Tanja 47259 Kaiserswerther- 222
– Thomas 47055 Buchen- 83
– Werner 47249 Efeu- 16
– Wolfgang
47228 In den Peschen 127a
Stachelscheid Alfred
47228 Am Strücksken 15
– Alfred 47226 Friedrich-Alfred- 65
– Anne 47228 Am Strücksken 15
Firmen, Gewerbebetriebe usw. nach Namen – siehe gelber Teil
A-DU
